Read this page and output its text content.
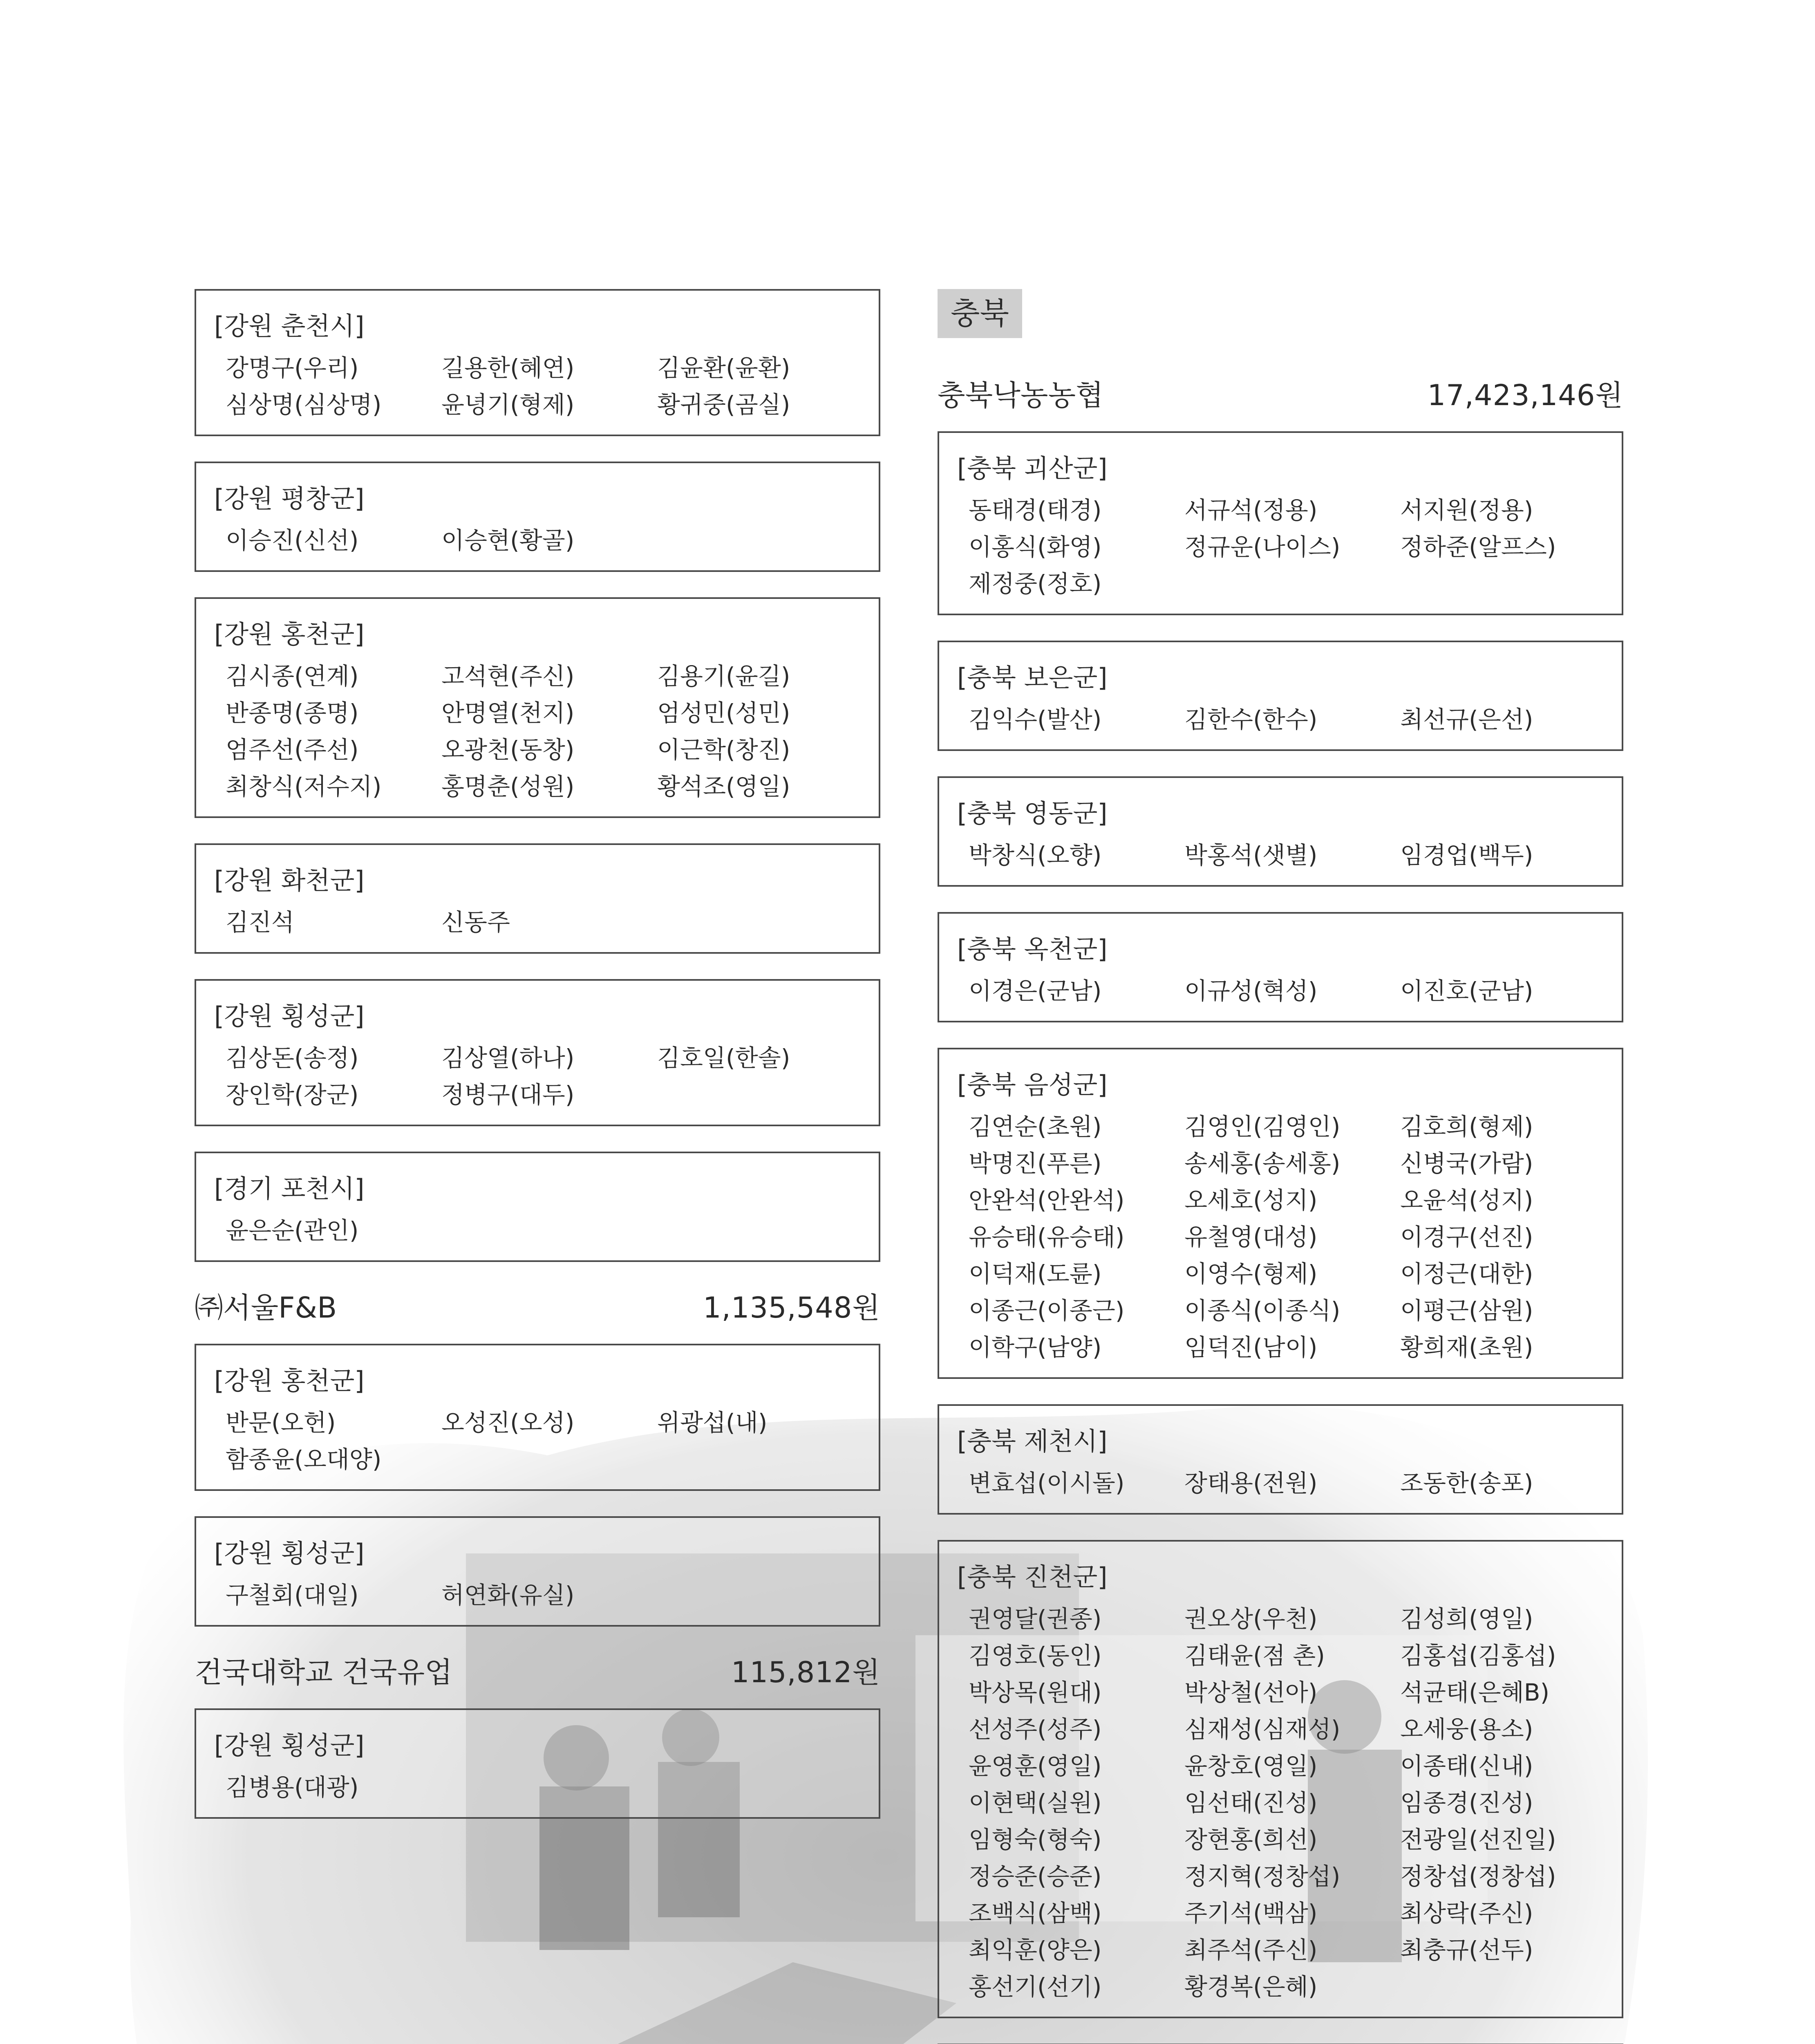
[강원 춘천시]
강명구(우리)	길용한(혜연)	김윤환(윤환)
심상명(심상명)	윤녕기(형제)	황귀중(곰실)
[강원 평창군]
이승진(신선)	이승현(황골)
[강원 홍천군]
김시종(연계)	고석현(주신)	김용기(윤길)
반종명(종명)	안명열(천지)	엄성민(성민)
엄주선(주선)	오광천(동창)	이근학(창진)
최창식(저수지)	홍명춘(성원)	황석조(영일)
[강원 화천군]
김진석	신동주
[강원 횡성군]
김상돈(송정)	김상열(하나)	김호일(한솔)
장인학(장군)	정병구(대두)
[경기 포천시]
윤은순(관인)
㈜서울F&B	1,135,548원
[강원 홍천군]
반문(오헌)	오성진(오성)	위광섭(내)
함종윤(오대양)
[강원 횡성군]
구철회(대일)	허연화(유실)
건국대학교 건국유업	115,812원
[강원 횡성군]
김병용(대광)
충북
충북낙농농협	17,423,146원
[충북 괴산군]
동태경(태경)	서규석(정용)	서지원(정용)
이홍식(화영)	정규운(나이스)	정하준(알프스)
제정중(정호)
[충북 보은군]
김익수(발산)	김한수(한수)	최선규(은선)
[충북 영동군]
박창식(오향)	박홍석(샛별)	임경업(백두)
[충북 옥천군]
이경은(군남)	이규성(혁성)	이진호(군남)
[충북 음성군]
김연순(초원)	김영인(김영인)	김호희(형제)
박명진(푸른)	송세홍(송세홍)	신병국(가람)
안완석(안완석)	오세호(성지)	오윤석(성지)
유승태(유승태)	유철영(대성)	이경구(선진)
이덕재(도륜)	이영수(형제)	이정근(대한)
이종근(이종근)	이종식(이종식)	이평근(삼원)
이학구(남양)	임덕진(남이)	황희재(초원)
[충북 제천시]
변효섭(이시돌)	장태용(전원)	조동한(송포)
[충북 진천군]
권영달(권종)	권오상(우천)	김성희(영일)
김영호(동인)	김태윤(점 촌)	김홍섭(김홍섭)
박상목(원대)	박상철(선아)	석균태(은혜B)
선성주(성주)	심재성(심재성)	오세웅(용소)
윤영훈(영일)	윤창호(영일)	이종태(신내)
이현택(실원)	임선태(진성)	임종경(진성)
임형숙(형숙)	장현홍(희선)	전광일(선진일)
정승준(승준)	정지혁(정창섭)	정창섭(정창섭)
조백식(삼백)	주기석(백삼)	최상락(주신)
최익훈(양은)	최주석(주신)	최충규(선두)
홍선기(선기)	황경복(은혜)
